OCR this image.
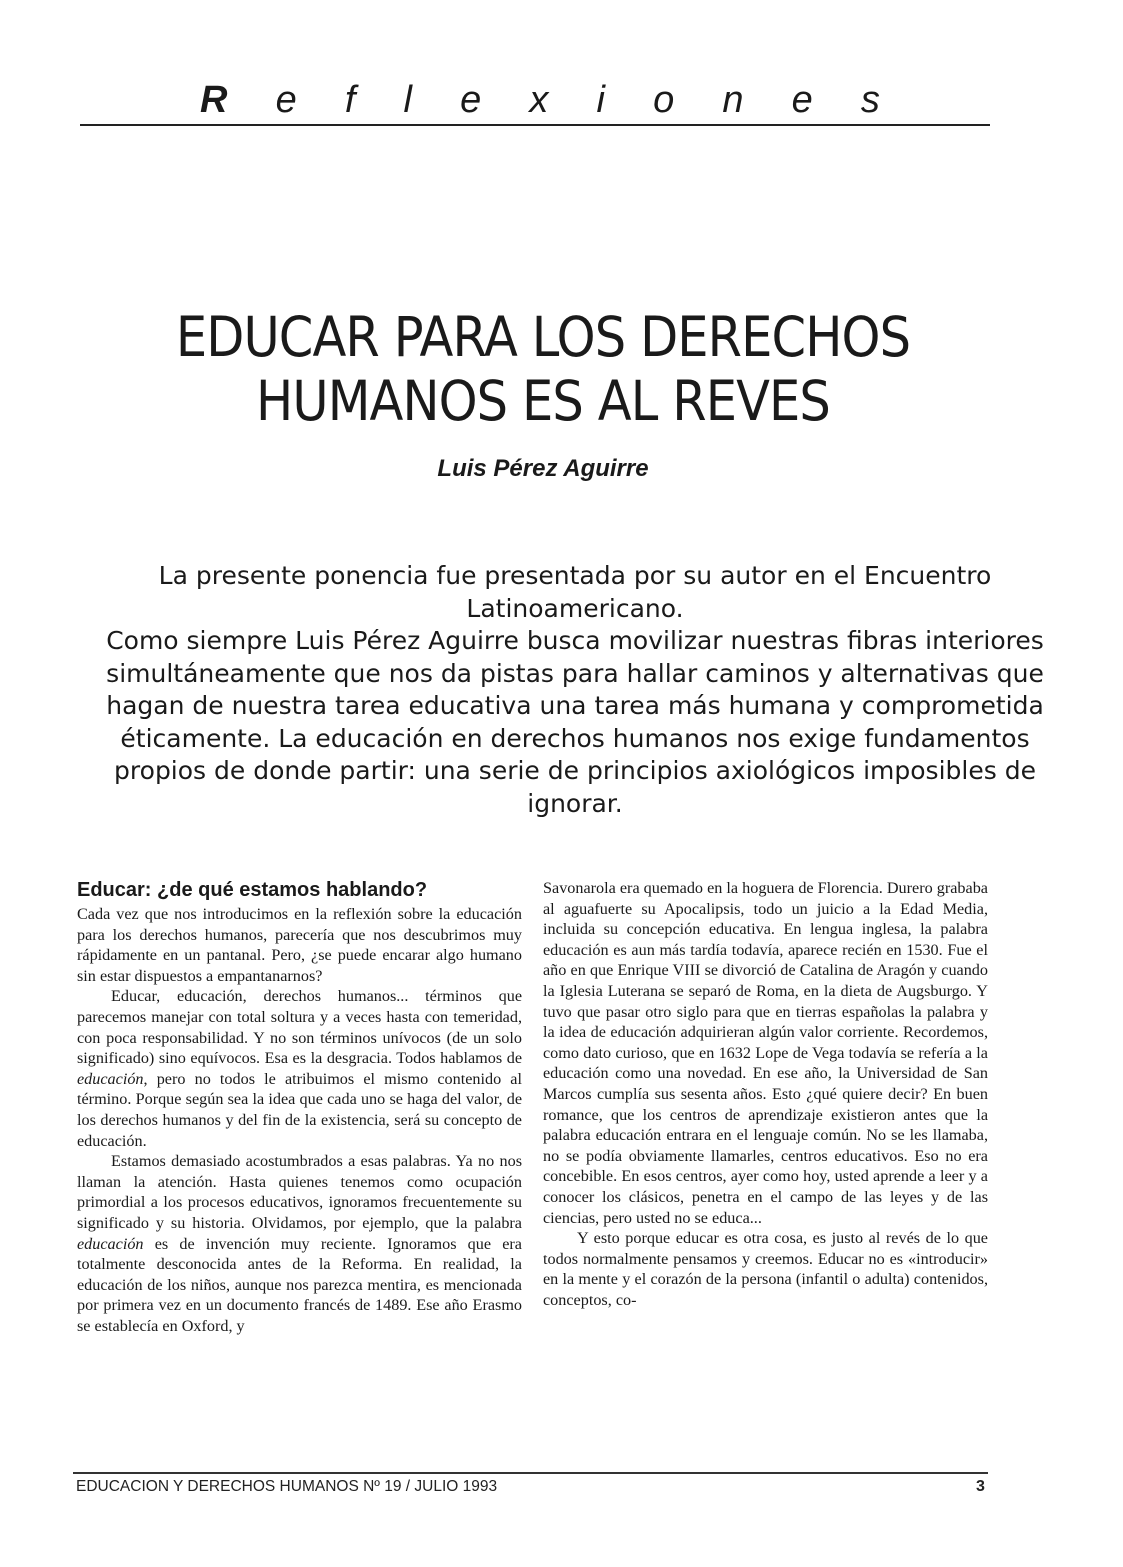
R e f l e x i o n e s
EDUCAR PARA LOS DERECHOS
HUMANOS ES AL REVES
Luis Pérez Aguirre

La presente ponencia fue presentada por su autor en el Encuentro Latinoamericano.

Como siempre Luis Pérez Aguirre busca movilizar nuestras fibras interiores simultáneamente que nos da pistas para hallar caminos y alternativas que hagan de nuestra tarea educativa una tarea más humana y comprometida éticamente. La educación en derechos humanos nos exige fundamentos propios de donde partir: una serie de principios axiológicos imposibles de ignorar.

Educar: ¿de qué estamos hablando?

Cada vez que nos introducimos en la reflexión sobre la educación para los derechos humanos, parecería que nos descubrimos muy rápidamente en un pantanal. Pero, ¿se puede encarar algo humano sin estar dispuestos a empantanarnos?

Educar, educación, derechos humanos... términos que parecemos manejar con total soltura y a veces hasta con temeridad, con poca responsabilidad. Y no son términos unívocos (de un solo significado) sino equívocos. Esa es la desgracia. Todos hablamos de educación, pero no todos le atribuimos el mismo contenido al término. Porque según sea la idea que cada uno se haga del valor, de los derechos humanos y del fin de la existencia, será su concepto de educación.

Estamos demasiado acostumbrados a esas palabras. Ya no nos llaman la atención. Hasta quienes tenemos como ocupación primordial a los procesos educativos, ignoramos frecuentemente su significado y su historia. Olvidamos, por ejemplo, que la palabra educación es de invención muy reciente. Ignoramos que era totalmente desconocida antes de la Reforma. En realidad, la educación de los niños, aunque nos parezca mentira, es mencionada por primera vez en un documento francés de 1489. Ese año Erasmo se establecía en Oxford, y

Savonarola era quemado en la hoguera de Florencia. Durero grababa al aguafuerte su Apocalipsis, todo un juicio a la Edad Media, incluida su concepción educativa. En lengua inglesa, la palabra educación es aun más tardía todavía, aparece recién en 1530. Fue el año en que Enrique VIII se divorció de Catalina de Aragón y cuando la Iglesia Luterana se separó de Roma, en la dieta de Augsburgo. Y tuvo que pasar otro siglo para que en tierras españolas la palabra y la idea de educación adquirieran algún valor corriente. Recordemos, como dato curioso, que en 1632 Lope de Vega todavía se refería a la educación como una novedad. En ese año, la Universidad de San Marcos cumplía sus sesenta años. Esto ¿qué quiere decir? En buen romance, que los centros de aprendizaje existieron antes que la palabra educación entrara en el lenguaje común. No se les llamaba, no se podía obviamente llamarles, centros educativos. Eso no era concebible. En esos centros, ayer como hoy, usted aprende a leer y a conocer los clásicos, penetra en el campo de las leyes y de las ciencias, pero usted no se educa...

Y esto porque educar es otra cosa, es justo al revés de lo que todos normalmente pensamos y creemos. Educar no es «introducir» en la mente y el corazón de la persona (infantil o adulta) contenidos, conceptos, co-

EDUCACION Y DERECHOS HUMANOS Nº 19 / JULIO 1993	3
